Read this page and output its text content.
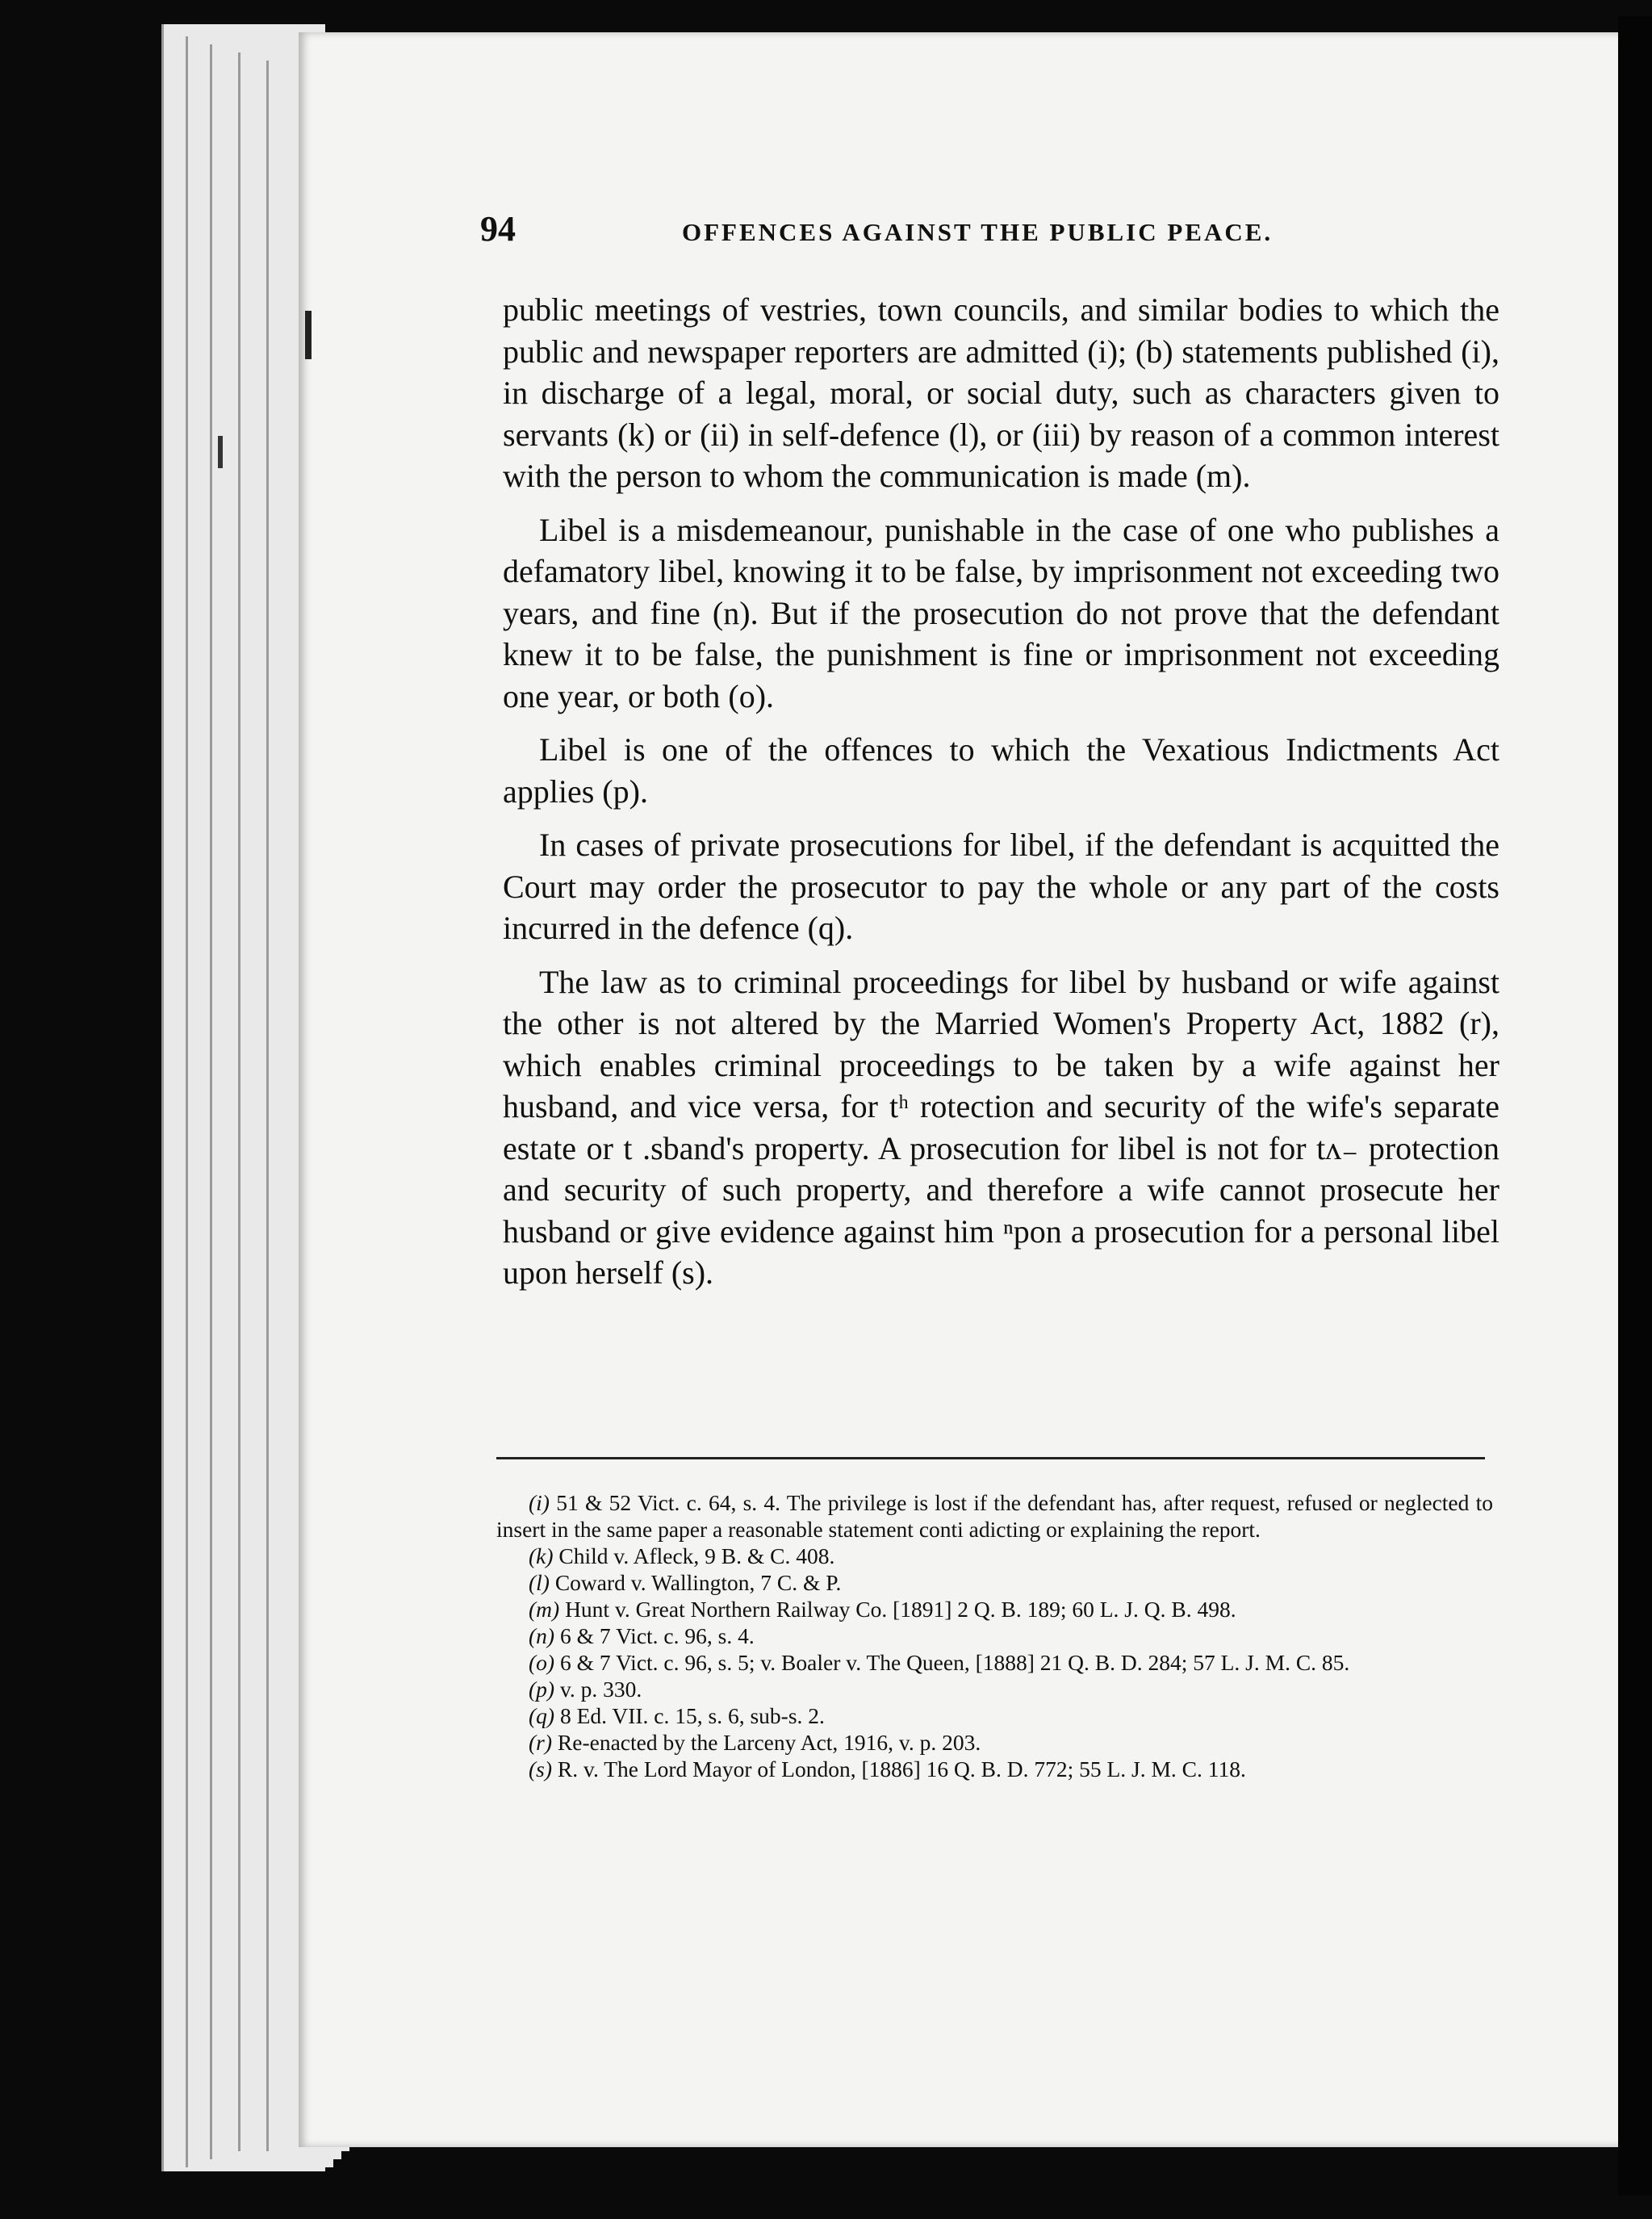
94	OFFENCES AGAINST THE PUBLIC PEACE.

public meetings of vestries, town councils, and similar bodies to which the public and newspaper reporters are admitted (i); (b) statements published (i), in discharge of a legal, moral, or social duty, such as characters given to servants (k) or (ii) in self-defence (l), or (iii) by reason of a common interest with the person to whom the communication is made (m).

Libel is a misdemeanour, punishable in the case of one who publishes a defamatory libel, knowing it to be false, by imprisonment not exceeding two years, and fine (n). But if the prosecution do not prove that the defendant knew it to be false, the punishment is fine or imprisonment not exceeding one year, or both (o).

Libel is one of the offences to which the Vexatious Indictments Act applies (p).

In cases of private prosecutions for libel, if the defendant is acquitted the Court may order the prosecutor to pay the whole or any part of the costs incurred in the defence (q).

The law as to criminal proceedings for libel by husband or wife against the other is not altered by the Married Women's Property Act, 1882 (r), which enables criminal proceedings to be taken by a wife against her husband, and vice versa, for tʰ rotection and security of the wife's separate estate or t .sband's property. A prosecution for libel is not for tᴧ₋ protection and security of such property, and therefore a wife cannot prosecute her husband or give evidence against him ⁿpon a prosecution for a personal libel upon herself (s).

(i) 51 & 52 Vict. c. 64, s. 4. The privilege is lost if the defendant has, after request, refused or neglected to insert in the same paper a reasonable statement conti adicting or explaining the report.

(k) Child v. Afleck, 9 B. & C. 408.

(l) Coward v. Wallington, 7 C. & P.

(m) Hunt v. Great Northern Railway Co. [1891] 2 Q. B. 189; 60 L. J. Q. B. 498.

(n) 6 & 7 Vict. c. 96, s. 4.

(o) 6 & 7 Vict. c. 96, s. 5; v. Boaler v. The Queen, [1888] 21 Q. B. D. 284; 57 L. J. M. C. 85.

(p) v. p. 330.

(q) 8 Ed. VII. c. 15, s. 6, sub-s. 2.

(r) Re-enacted by the Larceny Act, 1916, v. p. 203.

(s) R. v. The Lord Mayor of London, [1886] 16 Q. B. D. 772; 55 L. J. M. C. 118.
